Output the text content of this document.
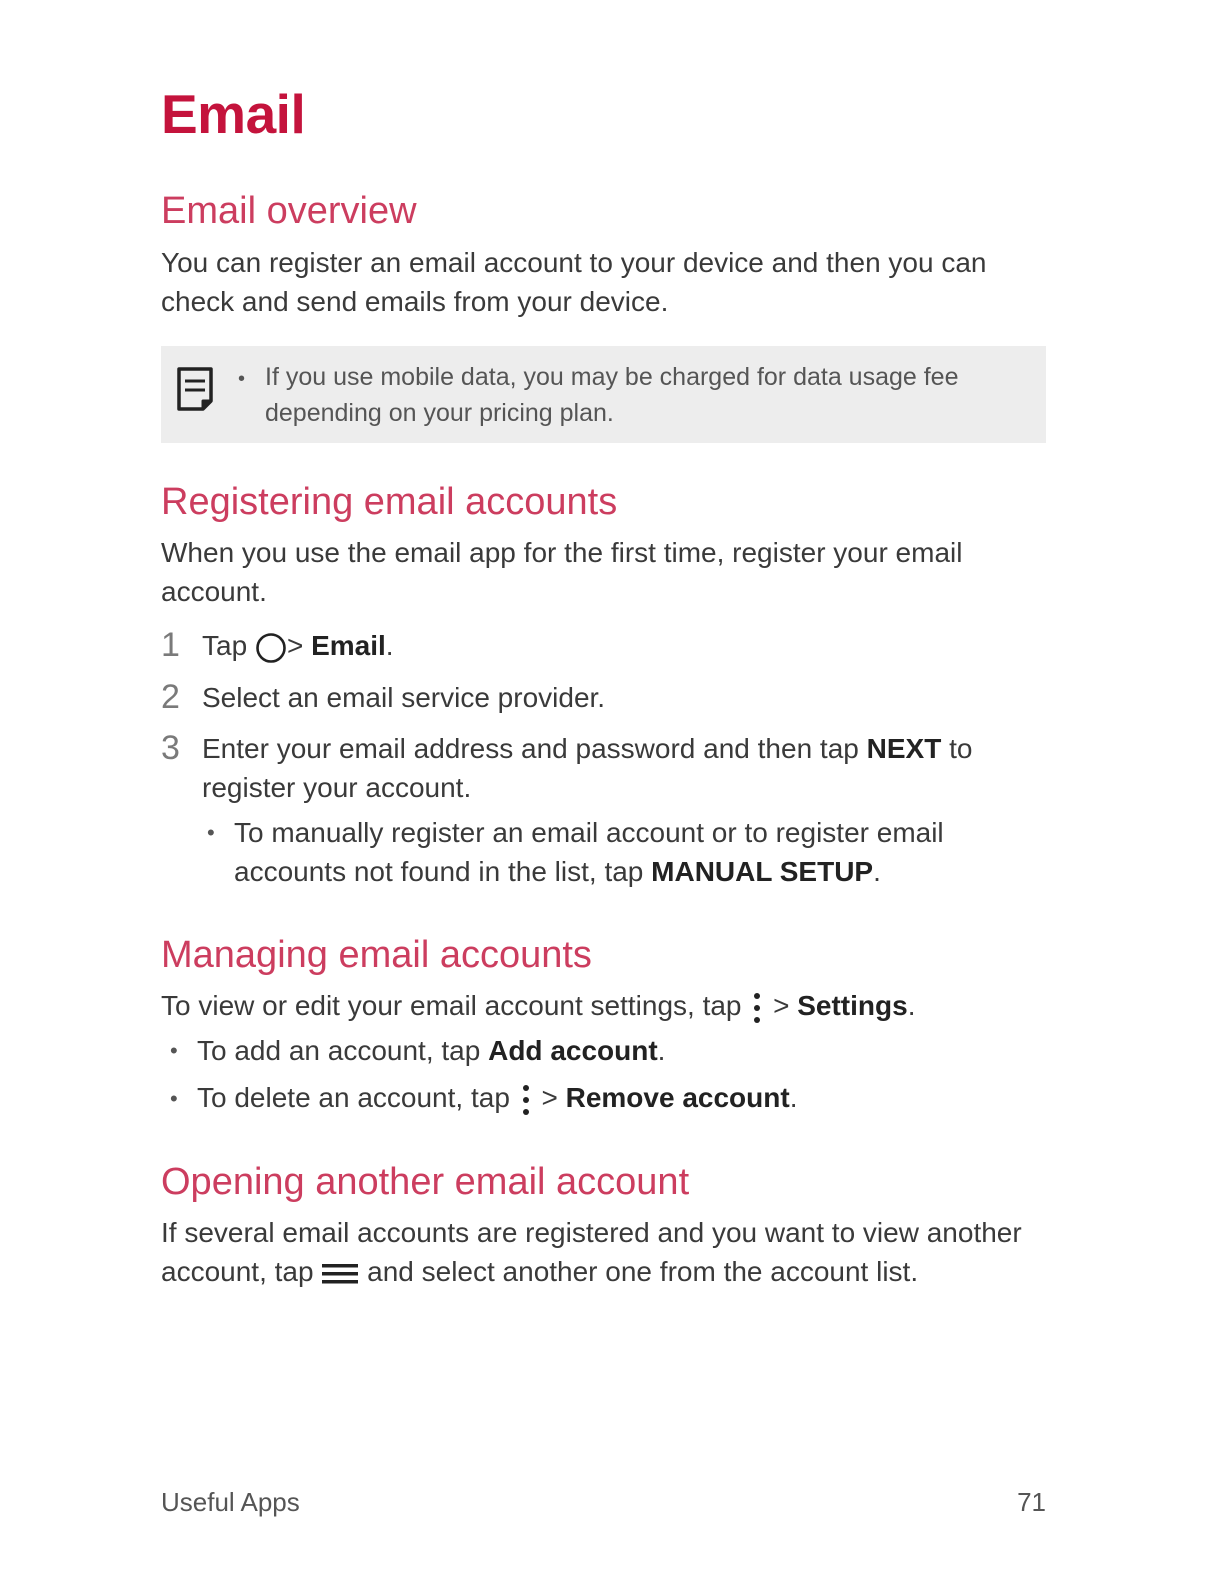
Email
Email overview

You can register an email account to your device and then you can check and send emails from your device.

• If you use mobile data, you may be charged for data usage fee depending on your pricing plan.
Registering email accounts

When you use the email app for the first time, register your email account.

1 Tap > Email.
2 Select an email service provider.
3 Enter your email address and password and then tap NEXT to register your account.
• To manually register an email account or to register email accounts not found in the list, tap MANUAL SETUP.
Managing email accounts

To view or edit your email account settings, tap  > Settings.

• To add an account, tap Add account.
• To delete an account, tap  > Remove account.
Opening another email account

If several email accounts are registered and you want to view another account, tap  and select another one from the account list.

Useful Apps	71
